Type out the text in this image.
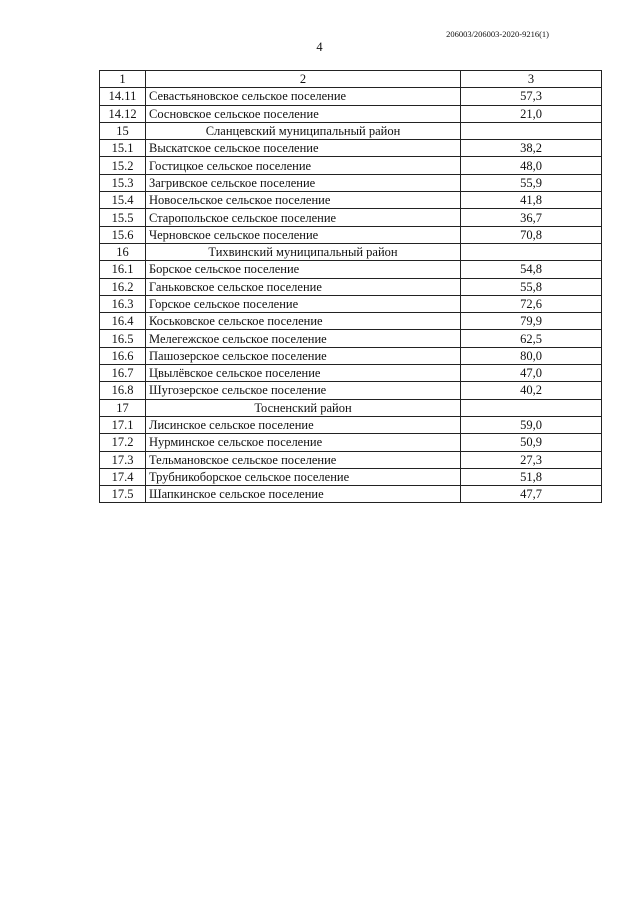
206003/206003-2020-9216(1)
4
1	2	3
14.11	Севастьяновское сельское поселение	57,3
14.12	Сосновское сельское поселение	21,0
15	Сланцевский муниципальный район	
15.1	Выскатское сельское поселение	38,2
15.2	Гостицкое сельское поселение	48,0
15.3	Загривское сельское поселение	55,9
15.4	Новосельское сельское поселение	41,8
15.5	Старопольское сельское поселение	36,7
15.6	Черновское сельское поселение	70,8
16	Тихвинский муниципальный район	
16.1	Борское сельское поселение	54,8
16.2	Ганьковское сельское поселение	55,8
16.3	Горское сельское поселение	72,6
16.4	Коськовское сельское поселение	79,9
16.5	Мелегежское сельское поселение	62,5
16.6	Пашозерское сельское поселение	80,0
16.7	Цвылёвское сельское поселение	47,0
16.8	Шугозерское сельское поселение	40,2
17	Тосненский район	
17.1	Лисинское сельское поселение	59,0
17.2	Нурминское сельское поселение	50,9
17.3	Тельмановское сельское поселение	27,3
17.4	Трубникоборское сельское поселение	51,8
17.5	Шапкинское сельское поселение	47,7
